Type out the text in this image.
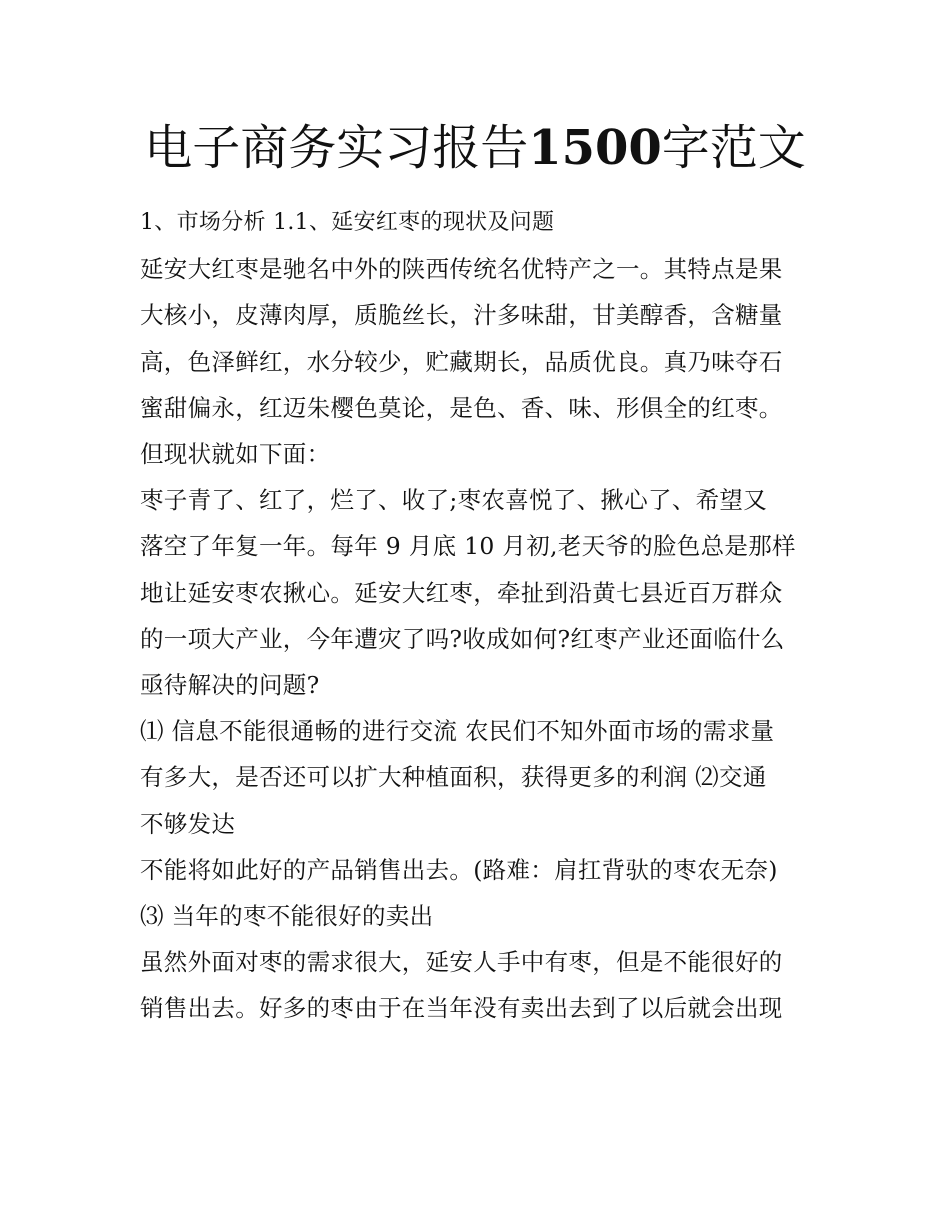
电子商务实习报告1500字范文

1、市场分析 1.1、延安红枣的现状及问题

延安大红枣是驰名中外的陕西传统名优特产之一。其特点是果

大核小，皮薄肉厚，质脆丝长，汁多味甜，甘美醇香，含糖量

高，色泽鲜红，水分较少，贮藏期长，品质优良。真乃味夺石

蜜甜偏永，红迈朱樱色莫论，是色、香、味、形俱全的红枣。

但现状就如下面：

枣子青了、红了，烂了、收了;枣农喜悦了、揪心了、希望又

落空了年复一年。每年 9 月底 10 月初,老天爷的脸色总是那样

地让延安枣农揪心。延安大红枣，牵扯到沿黄七县近百万群众

的一项大产业，今年遭灾了吗?收成如何?红枣产业还面临什么

亟待解决的问题?

⑴ 信息不能很通畅的进行交流 农民们不知外面市场的需求量

有多大，是否还可以扩大种植面积，获得更多的利润 ⑵交通

不够发达

不能将如此好的产品销售出去。(路难：肩扛背驮的枣农无奈)

⑶ 当年的枣不能很好的卖出

虽然外面对枣的需求很大，延安人手中有枣，但是不能很好的

销售出去。好多的枣由于在当年没有卖出去到了以后就会出现
